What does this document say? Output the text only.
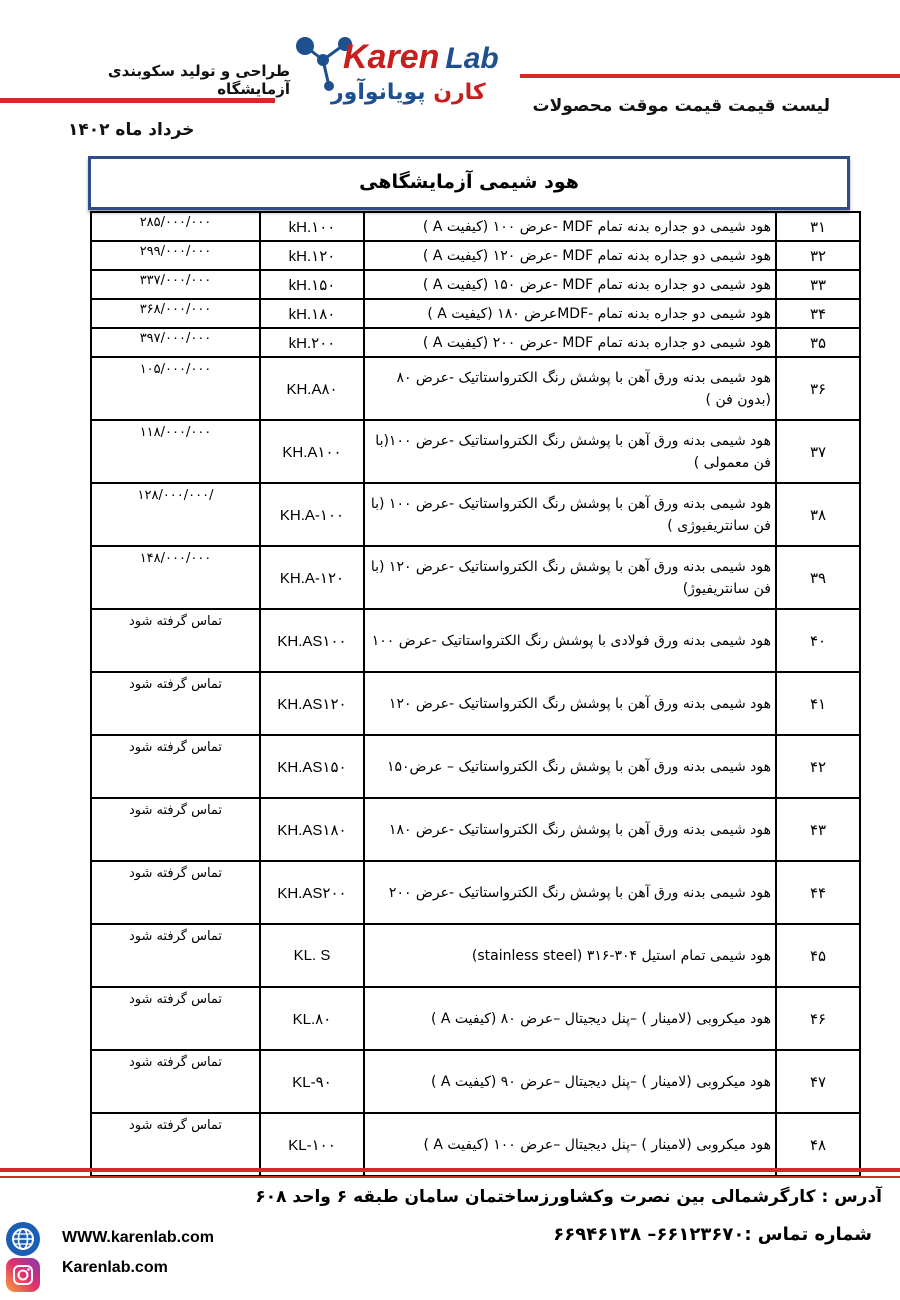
طراحی و تولید سکوبندی آزمایشگاه
Karen Lab
کارن پویانوآور
لیست قیمت قیمت موقت محصولات
خرداد ماه ۱۴۰۲
هود شیمی آزمایشگاهی
۲۸۵/۰۰۰/۰۰۰	kH.۱۰۰	هود شیمی دو جداره بدنه تمام MDF -عرض ۱۰۰ (کیفیت A )	۳۱
۲۹۹/۰۰۰/۰۰۰	kH.۱۲۰	هود شیمی دو جداره بدنه تمام MDF -عرض ۱۲۰ (کیفیت A )	۳۲
۳۳۷/۰۰۰/۰۰۰	kH.۱۵۰	هود شیمی دو جداره بدنه تمام MDF -عرض ۱۵۰ (کیفیت A )	۳۳
۳۶۸/۰۰۰/۰۰۰	kH.۱۸۰	هود شیمی دو جداره بدنه تمام -MDFعرض ۱۸۰ (کیفیت A )	۳۴
۳۹۷/۰۰۰/۰۰۰	kH.۲۰۰	هود شیمی دو جداره بدنه تمام MDF -عرض ۲۰۰ (کیفیت A )	۳۵
۱۰۵/۰۰۰/۰۰۰	KH.A۸۰	هود شیمی بدنه ورق آهن با پوشش رنگ الکترواستاتیک -عرض ۸۰ (بدون فن )	۳۶
۱۱۸/۰۰۰/۰۰۰	KH.A۱۰۰	هود شیمی بدنه ورق آهن با پوشش رنگ الکترواستاتیک -عرض ۱۰۰(با فن معمولی )	۳۷
۱۲۸/۰۰۰/۰۰۰/	KH.A-۱۰۰	هود شیمی بدنه ورق آهن با پوشش رنگ الکترواستاتیک -عرض ۱۰۰ (با فن سانتریفیوژی )	۳۸
۱۴۸/۰۰۰/۰۰۰	KH.A-۱۲۰	هود شیمی بدنه ورق آهن با پوشش رنگ الکترواستاتیک -عرض ۱۲۰ (با فن سانتریفیوژ)	۳۹
تماس گرفته شود	KH.AS۱۰۰	هود شیمی بدنه ورق فولادی با پوشش رنگ الکترواستاتیک -عرض ۱۰۰	۴۰
تماس گرفته شود	KH.AS۱۲۰	هود شیمی بدنه ورق آهن با پوشش رنگ الکترواستاتیک -عرض ۱۲۰	۴۱
تماس گرفته شود	KH.AS۱۵۰	هود شیمی بدنه ورق آهن با پوشش رنگ الکترواستاتیک – عرض۱۵۰	۴۲
تماس گرفته شود	KH.AS۱۸۰	هود شیمی بدنه ورق آهن با پوشش رنگ الکترواستاتیک -عرض ۱۸۰	۴۳
تماس گرفته شود	KH.AS۲۰۰	هود شیمی بدنه ورق آهن با پوشش رنگ الکترواستاتیک -عرض ۲۰۰	۴۴
تماس گرفته شود	KL. S	هود شیمی تمام استیل ۳۰۴-۳۱۶ (stainless steel)	۴۵
تماس گرفته شود	KL.۸۰	هود میکروبی (لامینار ) –پنل دیجیتال –عرض ۸۰ (کیفیت A )	۴۶
تماس گرفته شود	KL-۹۰	هود میکروبی (لامینار ) –پنل دیجیتال –عرض ۹۰ (کیفیت A )	۴۷
تماس گرفته شود	KL-۱۰۰	هود میکروبی (لامینار ) –پنل دیجیتال –عرض ۱۰۰ (کیفیت A )	۴۸
آدرس : کارگرشمالی بین نصرت وکشاورزساختمان سامان طبقه ۶ واحد ۶۰۸
شماره تماس :۶۶۱۲۳۶۷۰– ۶۶۹۴۶۱۳۸
WWW.karenlab.com
Karenlab.com
